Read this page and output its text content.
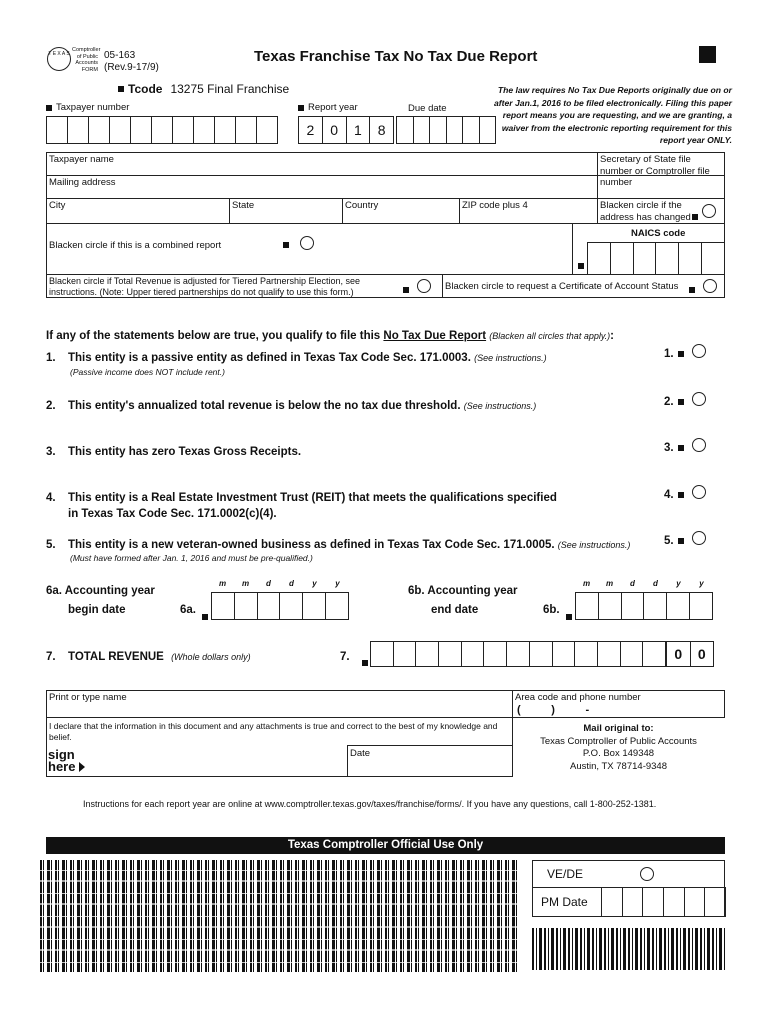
T E X A S
Comptroller
of Public
Accounts
FORM
05-163
(Rev.9-17/9)
Texas Franchise Tax No Tax Due Report
Tcode 13275 Final Franchise	The law requires No Tax Due Reports originally due on or after Jan.1, 2016 to be filed electronically. Filing this paper report means you are requesting, and we are granting, a waiver from the electronic reporting requirement for this report year ONLY.
Taxpayer number	Report year
2	0	1	8
Due date
Taxpayer name	Secretary of State file number or Comptroller file number
Mailing address
City	State	Country	ZIP code plus 4	Blacken circle if the address has changed
Blacken circle if this is a combined report
NAICS code
Blacken circle if Total Revenue is adjusted for Tiered Partnership Election, see instructions. (Note: Upper tiered partnerships do not qualify to use this form.)	Blacken circle to request a Certificate of Account Status
If any of the statements below are true, you qualify to file this No Tax Due Report (Blacken all circles that apply.):
1. This entity is a passive entity as defined in Texas Tax Code Sec. 171.0003. (See instructions.)
(Passive income does NOT include rent.)
1.
2. This entity's annualized total revenue is below the no tax due threshold. (See instructions.)	2.
3. This entity has zero Texas Gross Receipts.	3.
4. This entity is a Real Estate Investment Trust (REIT) that meets the qualifications specified
in Texas Tax Code Sec. 171.0002(c)(4).
4.
5. This entity is a new veteran-owned business as defined in Texas Tax Code Sec. 171.0005. (See instructions.)
(Must have formed after Jan. 1, 2016 and must be pre-qualified.)
5.
6a. Accounting year
begin date	6a.
m	m	d	d	y	y
6b. Accounting year
end date	6b.
m	m	d	d	y	y
7. TOTAL REVENUE (Whole dollars only)	7.	0	0
Print or type name	Area code and phone number
(          )          -
I declare that the information in this document and any attachments is true and correct to the best of my knowledge and belief.
sign
here
Date
Mail original to:
Texas Comptroller of Public Accounts
P.O. Box 149348
Austin, TX 78714-9348
Instructions for each report year are online at www.comptroller.texas.gov/taxes/franchise/forms/. If you have any questions, call 1-800-252-1381.
Texas Comptroller Official Use Only
VE/DE
PM Date
